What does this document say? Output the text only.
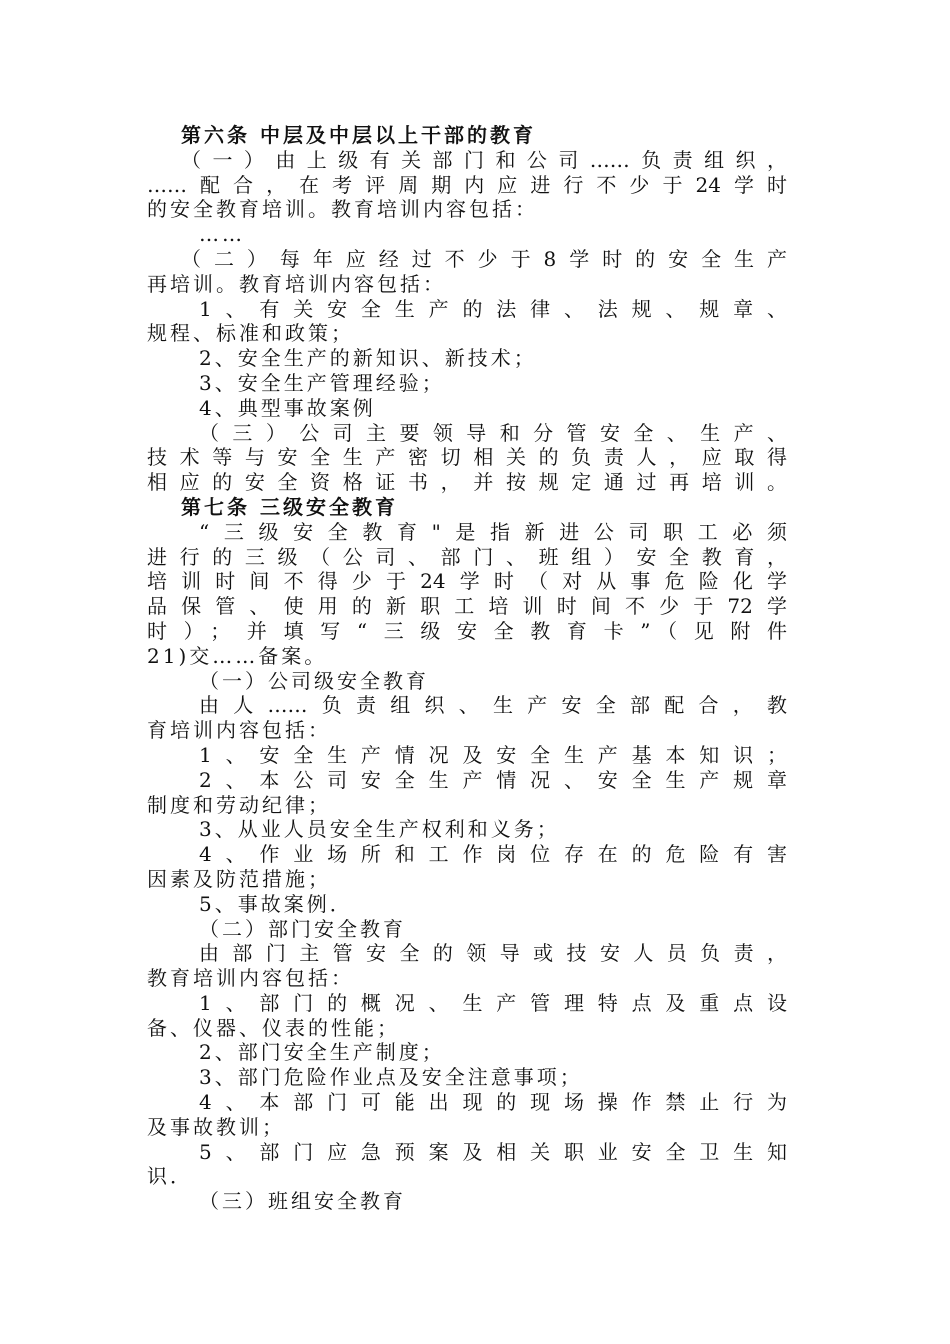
第六条 中层及中层以上干部的教育
（一）由上级有关部门和公司……负责组织，
……配合，在考评周期内应进行不少于24学时
的安全教育培训。教育培训内容包括：
……
（二）每年应经过不少于8学时的安全生产
再培训。教育培训内容包括：
1、有关安全生产的法律、法规、规章、
规程、标准和政策；
2、安全生产的新知识、新技术；
3、安全生产管理经验；
4、典型事故案例
（三）公司主要领导和分管安全、生产、
技术等与安全生产密切相关的负责人，应取得
相应的安全资格证书，并按规定通过再培训。
第七条 三级安全教育
“三级安全教育"是指新进公司职工必须
进行的三级（公司、部门、班组）安全教育，
培训时间不得少于24学时（对从事危险化学
品保管、使用的新职工培训时间不少于72学
时）；并填写“三级安全教育卡”（见附件
21)交……备案。
（一）公司级安全教育
由人……负责组织、生产安全部配合，教
育培训内容包括：
1、安全生产情况及安全生产基本知识；
2、本公司安全生产情况、安全生产规章
制度和劳动纪律；
3、从业人员安全生产权利和义务；
4、作业场所和工作岗位存在的危险有害
因素及防范措施；
5、事故案例．
（二）部门安全教育
由部门主管安全的领导或技安人员负责，
教育培训内容包括：
1、部门的概况、生产管理特点及重点设
备、仪器、仪表的性能；
2、部门安全生产制度；
3、部门危险作业点及安全注意事项；
4、本部门可能出现的现场操作禁止行为
及事故教训；
5、部门应急预案及相关职业安全卫生知
识．
（三）班组安全教育
